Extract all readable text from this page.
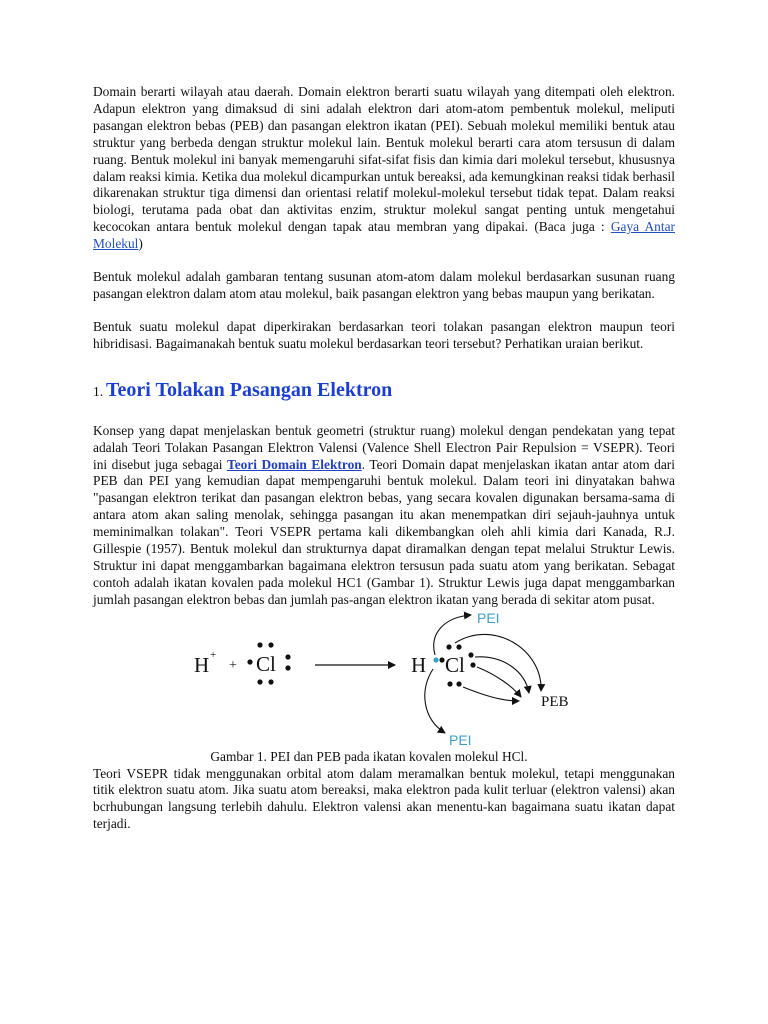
Domain berarti wilayah atau daerah. Domain elektron berarti suatu wilayah yang ditempati oleh elektron. Adapun elektron yang dimaksud di sini adalah elektron dari atom-atom pembentuk molekul, meliputi pasangan elektron bebas (PEB) dan pasangan elektron ikatan (PEI). Sebuah molekul memiliki bentuk atau struktur yang berbeda dengan struktur molekul lain. Bentuk molekul berarti cara atom tersusun di dalam ruang. Bentuk molekul ini banyak memengaruhi sifat-sifat fisis dan kimia dari molekul tersebut, khususnya dalam reaksi kimia. Ketika dua molekul dicampurkan untuk bereaksi, ada kemungkinan reaksi tidak berhasil dikarenakan struktur tiga dimensi dan orientasi relatif molekul-molekul tersebut tidak tepat. Dalam reaksi biologi, terutama pada obat dan aktivitas enzim, struktur molekul sangat penting untuk mengetahui kecocokan antara bentuk molekul dengan tapak atau membran yang dipakai. (Baca juga : Gaya Antar Molekul)

Bentuk molekul adalah gambaran tentang susunan atom-atom dalam molekul berdasarkan susunan ruang pasangan elektron dalam atom atau molekul, baik pasangan elektron yang bebas maupun yang berikatan.

Bentuk suatu molekul dapat diperkirakan berdasarkan teori tolakan pasangan elektron maupun teori hibridisasi. Bagaimanakah bentuk suatu molekul berdasarkan teori tersebut? Perhatikan uraian berikut.

1. Teori Tolakan Pasangan Elektron

Konsep yang dapat menjelaskan bentuk geometri (struktur ruang) molekul dengan pendekatan yang tepat adalah Teori Tolakan Pasangan Elektron Valensi (Valence Shell Electron Pair Repulsion = VSEPR). Teori ini disebut juga sebagai Teori Domain Elektron. Teori Domain dapat menjelaskan ikatan antar atom dari PEB dan PEI yang kemudian dapat mempengaruhi bentuk molekul. Dalam teori ini dinyatakan bahwa "pasangan elektron terikat dan pasangan elektron bebas, yang secara kovalen digunakan bersama-sama di antara atom akan saling menolak, sehingga pasangan itu akan menempatkan diri sejauh-jauhnya untuk meminimalkan tolakan". Teori VSEPR pertama kali dikembangkan oleh ahli kimia dari Kanada, R.J. Gillespie (1957). Bentuk molekul dan strukturnya dapat diramalkan dengan tepat melalui Struktur Lewis. Struktur ini dapat menggambarkan bagaimana elektron tersusun pada suatu atom yang berikatan. Sebagat contoh adalah ikatan kovalen pada molekul HC1 (Gambar 1). Struktur Lewis juga dapat menggambarkan jumlah pasangan elektron bebas dan jumlah pas-angan elektron ikatan yang berada di sekitar atom pusat.

H +
+ Cl	H Cl
PEI
PEB
PEI

Gambar 1. PEI dan PEB pada ikatan kovalen molekul HCl.

Teori VSEPR tidak menggunakan orbital atom dalam meramalkan bentuk molekul, tetapi menggunakan titik elektron suatu atom. Jika suatu atom bereaksi, maka elektron pada kulit terluar (elektron valensi) akan bcrhubungan langsung terlebih dahulu. Elektron valensi akan menentu-kan bagaimana suatu ikatan dapat terjadi.
